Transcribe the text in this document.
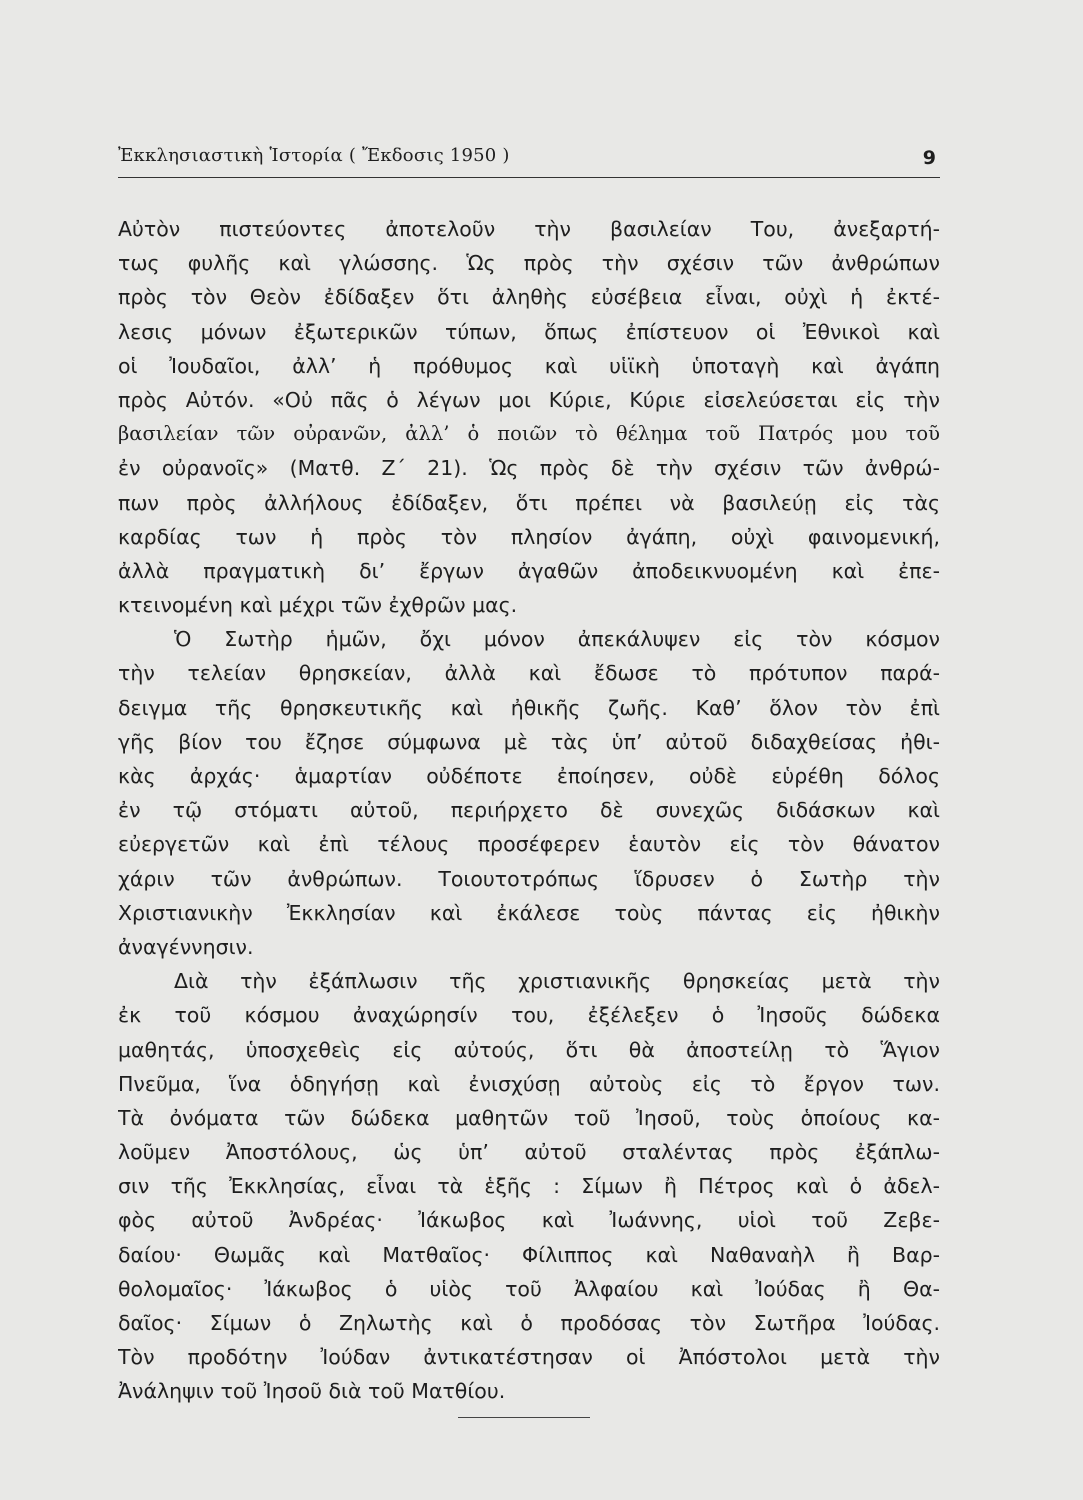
Ἐκκλησιαστικὴ Ἱστορία ( Ἔκδοσις 1950 )	9
Αὐτὸν πιστεύοντες ἀποτελοῦν τὴν βασιλείαν Του, ἀνεξαρτή-
τως φυλῆς καὶ γλώσσης. Ὡς πρὸς τὴν σχέσιν τῶν ἀνθρώπων
πρὸς τὸν Θεὸν ἐδίδαξεν ὅτι ἀληθὴς εὐσέβεια εἶναι, οὐχὶ ἡ ἐκτέ-
λεσις μόνων ἐξωτερικῶν τύπων, ὅπως ἐπίστευον οἱ Ἐθνικοὶ καὶ
οἱ Ἰουδαῖοι, ἀλλ’ ἡ πρόθυμος καὶ υἱϊκὴ ὑποταγὴ καὶ ἀγάπη
πρὸς Αὐτόν. «Οὐ πᾶς ὁ λέγων μοι Κύριε, Κύριε εἰσελεύσεται εἰς τὴν
βασιλείαν τῶν οὐρανῶν, ἀλλ’ ὁ ποιῶν τὸ θέλημα τοῦ Πατρός μου τοῦ
ἐν οὐρανοῖς» (Ματθ. Ζ΄ 21). Ὡς πρὸς δὲ τὴν σχέσιν τῶν ἀνθρώ-
πων πρὸς ἀλλήλους ἐδίδαξεν, ὅτι πρέπει νὰ βασιλεύῃ εἰς τὰς
καρδίας των ἡ πρὸς τὸν πλησίον ἀγάπη, οὐχὶ φαινομενική,
ἀλλὰ πραγματικὴ δι’ ἔργων ἀγαθῶν ἀποδεικνυομένη καὶ ἐπε-
κτεινομένη καὶ μέχρι τῶν ἐχθρῶν μας.
Ὁ Σωτὴρ ἡμῶν, ὄχι μόνον ἀπεκάλυψεν εἰς τὸν κόσμον
τὴν τελείαν θρησκείαν, ἀλλὰ καὶ ἔδωσε τὸ πρότυπον παρά-
δειγμα τῆς θρησκευτικῆς καὶ ἠθικῆς ζωῆς. Καθ’ ὅλον τὸν ἐπὶ
γῆς βίον του ἔζησε σύμφωνα μὲ τὰς ὑπ’ αὐτοῦ διδαχθείσας ἠθι-
κὰς ἀρχάς· ἁμαρτίαν οὐδέποτε ἐποίησεν, οὐδὲ εὑρέθη δόλος
ἐν τῷ στόματι αὐτοῦ, περιήρχετο δὲ συνεχῶς διδάσκων καὶ
εὐεργετῶν καὶ ἐπὶ τέλους προσέφερεν ἑαυτὸν εἰς τὸν θάνατον
χάριν τῶν ἀνθρώπων. Τοιουτοτρόπως ἵδρυσεν ὁ Σωτὴρ τὴν
Χριστιανικὴν Ἐκκλησίαν καὶ ἐκάλεσε τοὺς πάντας εἰς ἠθικὴν
ἀναγέννησιν.
Διὰ τὴν ἐξάπλωσιν τῆς χριστιανικῆς θρησκείας μετὰ τὴν
ἐκ τοῦ κόσμου ἀναχώρησίν του, ἐξέλεξεν ὁ Ἰησοῦς δώδεκα
μαθητάς, ὑποσχεθεὶς εἰς αὐτούς, ὅτι θὰ ἀποστείλῃ τὸ Ἅγιον
Πνεῦμα, ἵνα ὁδηγήσῃ καὶ ἐνισχύσῃ αὐτοὺς εἰς τὸ ἔργον των.
Τὰ ὀνόματα τῶν δώδεκα μαθητῶν τοῦ Ἰησοῦ, τοὺς ὁποίους κα-
λοῦμεν Ἀποστόλους, ὡς ὑπ’ αὐτοῦ σταλέντας πρὸς ἐξάπλω-
σιν τῆς Ἐκκλησίας, εἶναι τὰ ἑξῆς : Σίμων ἢ Πέτρος καὶ ὁ ἀδελ-
φὸς αὐτοῦ Ἀνδρέας· Ἰάκωβος καὶ Ἰωάννης, υἱοὶ τοῦ Ζεβε-
δαίου· Θωμᾶς καὶ Ματθαῖος· Φίλιππος καὶ Ναθαναὴλ ἢ Βαρ-
θολομαῖος· Ἰάκωβος ὁ υἱὸς τοῦ Ἀλφαίου καὶ Ἰούδας ἢ Θα-
δαῖος· Σίμων ὁ Ζηλωτὴς καὶ ὁ προδόσας τὸν Σωτῆρα Ἰούδας.
Τὸν προδότην Ἰούδαν ἀντικατέστησαν οἱ Ἀπόστολοι μετὰ τὴν
Ἀνάληψιν τοῦ Ἰησοῦ διὰ τοῦ Ματθίου.
